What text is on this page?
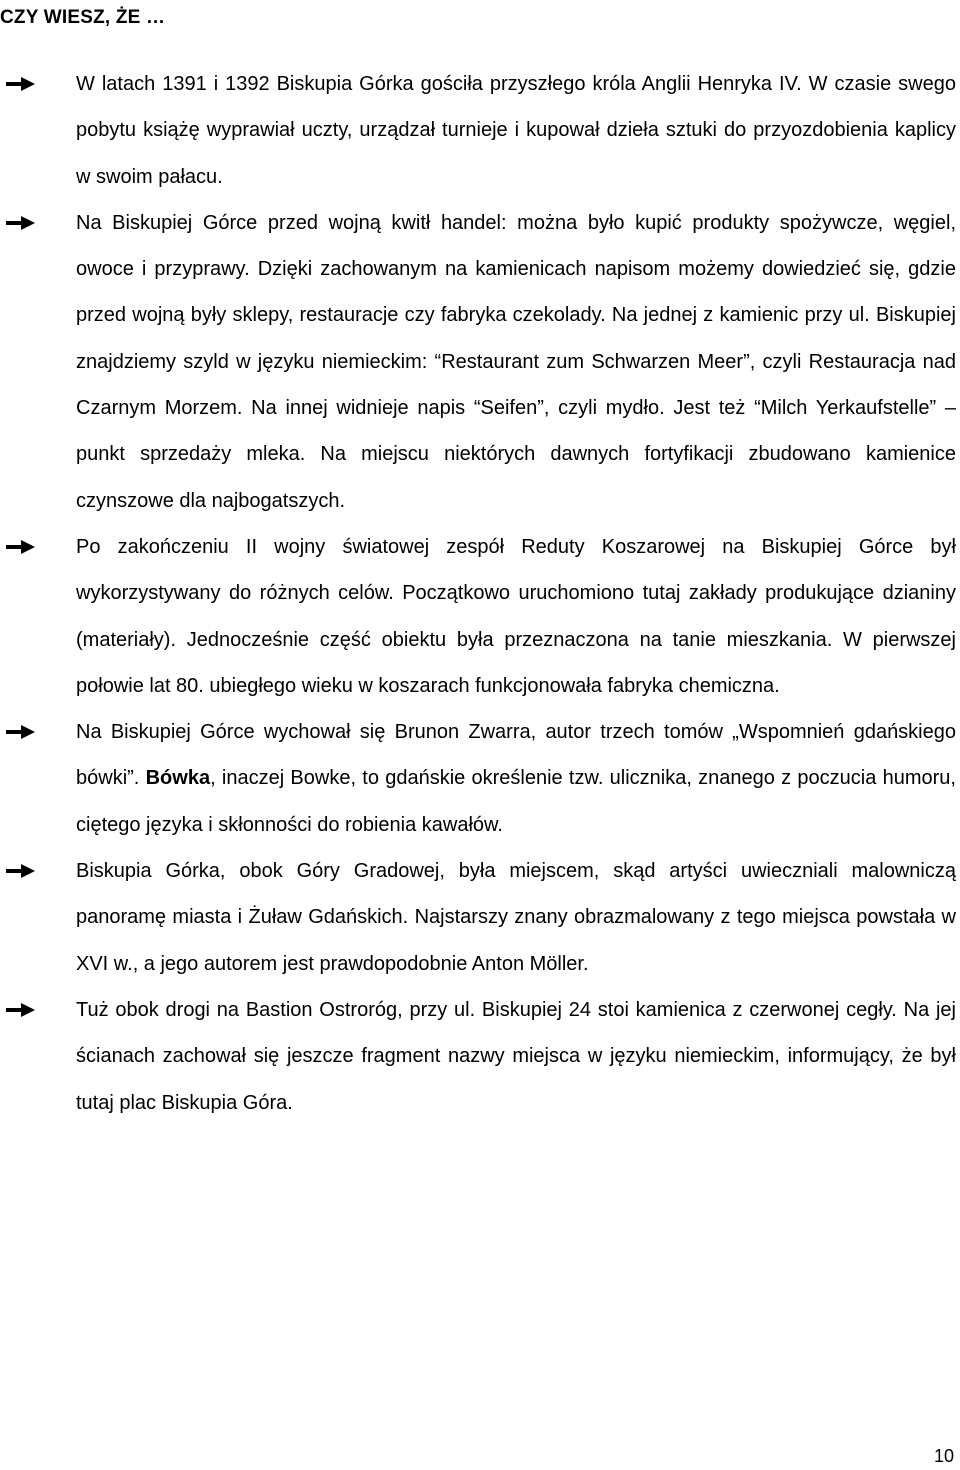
CZY WIESZ, ŻE …

W latach 1391 i 1392 Biskupia Górka gościła przyszłego króla Anglii Henryka IV. W czasie swego pobytu książę wyprawiał uczty, urządzał turnieje i kupował dzieła sztuki do przyozdobienia kaplicy w swoim pałacu.

Na Biskupiej Górce przed wojną kwitł handel: można było kupić produkty spożywcze, węgiel, owoce i przyprawy. Dzięki zachowanym na kamienicach napisom możemy dowiedzieć się, gdzie przed wojną były sklepy, restauracje czy fabryka czekolady. Na jednej z kamienic przy ul. Biskupiej znajdziemy szyld w języku niemieckim: “Restaurant zum Schwarzen Meer”, czyli Restauracja nad Czarnym Morzem. Na innej widnieje napis “Seifen”, czyli mydło. Jest też “Milch Yerkaufstelle” – punkt sprzedaży mleka. Na miejscu niektórych dawnych fortyfikacji zbudowano kamienice czynszowe dla najbogatszych.

Po zakończeniu II wojny światowej zespół Reduty Koszarowej na Biskupiej Górce był wykorzystywany do różnych celów. Początkowo uruchomiono tutaj zakłady produkujące dzianiny (materiały). Jednocześnie część obiektu była przeznaczona na tanie mieszkania. W pierwszej połowie lat 80. ubiegłego wieku w koszarach funkcjonowała fabryka chemiczna.

Na Biskupiej Górce wychował się Brunon Zwarra, autor trzech tomów „Wspomnień gdańskiego bówki”. Bówka, inaczej Bowke, to gdańskie określenie tzw. ulicznika, znanego z poczucia humoru, ciętego języka i skłonności do robienia kawałów.

Biskupia Górka, obok Góry Gradowej, była miejscem, skąd artyści uwieczniali malowniczą panoramę miasta i Żuław Gdańskich. Najstarszy znany obrazmalowany z tego miejsca powstała w XVI w., a jego autorem jest prawdopodobnie Anton Möller.

Tuż obok drogi na Bastion Ostroróg, przy ul. Biskupiej 24 stoi kamienica z czerwonej cegły. Na jej ścianach zachował się jeszcze fragment nazwy miejsca w języku niemieckim, informujący, że był tutaj plac Biskupia Góra.

10
